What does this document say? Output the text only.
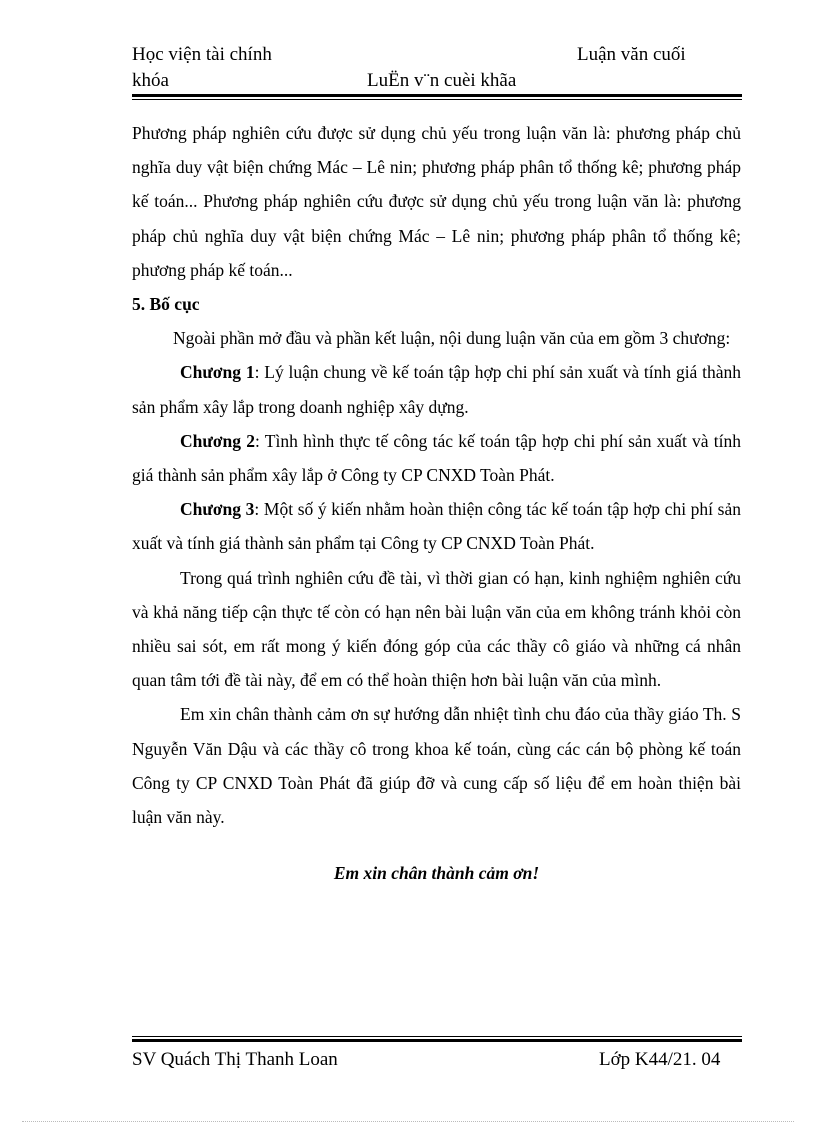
Học viện tài chính
khóa
Luận văn cuối
LuËn v¨n cuèi khãa

Phương pháp nghiên cứu được sử dụng chủ yếu trong luận văn là: phương pháp chủ nghĩa duy vật biện chứng Mác – Lê nin; phương pháp phân tổ thống kê; phương pháp kế toán... Phương pháp nghiên cứu được sử dụng chủ yếu trong luận văn là: phương pháp chủ nghĩa duy vật biện chứng Mác – Lê nin; phương pháp phân tổ thống kê; phương pháp kế toán...

5. Bố cục

Ngoài phần mở đầu và phần kết luận, nội dung luận văn của em gồm 3 chương:

Chương 1: Lý luận chung về kế toán tập hợp chi phí sản xuất và tính giá thành sản phẩm xây lắp trong doanh nghiệp xây dựng.

Chương 2: Tình hình thực tế công tác kế toán tập hợp chi phí sản xuất và tính giá thành sản phẩm xây lắp ở Công ty CP CNXD Toàn Phát.

Chương 3: Một số ý kiến nhằm hoàn thiện công tác kế toán tập hợp chi phí sản xuất và tính giá thành sản phẩm tại Công ty CP CNXD Toàn Phát.

Trong quá trình nghiên cứu đề tài, vì thời gian có hạn, kinh nghiệm nghiên cứu và khả năng tiếp cận thực tế còn có hạn nên bài luận văn của em không tránh khỏi còn nhiều sai sót, em rất mong ý kiến đóng góp của các thầy cô giáo và những cá nhân quan tâm tới đề tài này, để em có thể hoàn thiện hơn bài luận văn của mình.

Em xin chân thành cảm ơn sự hướng dẫn nhiệt tình chu đáo của thầy giáo Th. S Nguyễn Văn Dậu và các thầy cô trong khoa kế toán, cùng các cán bộ phòng kế toán Công ty CP CNXD Toàn Phát đã giúp đỡ và cung cấp số liệu để em hoàn thiện bài luận văn này.

Em xin chân thành cảm ơn!

SV Quách Thị Thanh Loan	Lớp K44/21. 04
